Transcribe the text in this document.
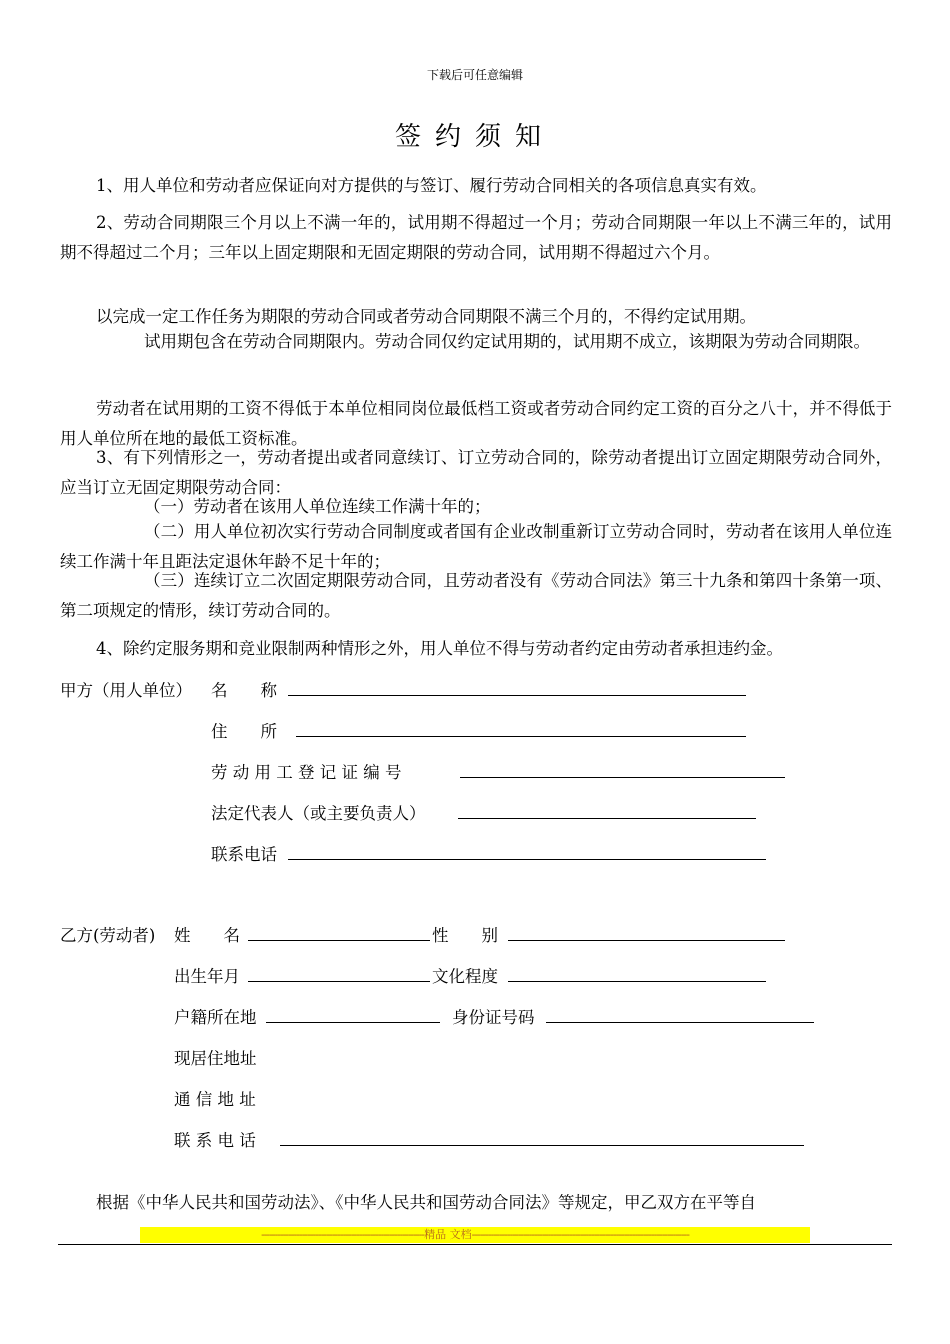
下载后可任意编辑
签约须知
1、用人单位和劳动者应保证向对方提供的与签订、履行劳动合同相关的各项信息真实有效。
2、劳动合同期限三个月以上不满一年的，试用期不得超过一个月；劳动合同期限一年以上不满三年的，试用期不得超过二个月；三年以上固定期限和无固定期限的劳动合同，试用期不得超过六个月。
以完成一定工作任务为期限的劳动合同或者劳动合同期限不满三个月的，不得约定试用期。
试用期包含在劳动合同期限内。劳动合同仅约定试用期的，试用期不成立，该期限为劳动合同期限。
劳动者在试用期的工资不得低于本单位相同岗位最低档工资或者劳动合同约定工资的百分之八十，并不得低于用人单位所在地的最低工资标准。
3、有下列情形之一，劳动者提出或者同意续订、订立劳动合同的，除劳动者提出订立固定期限劳动合同外，应当订立无固定期限劳动合同：
（一）劳动者在该用人单位连续工作满十年的；
（二）用人单位初次实行劳动合同制度或者国有企业改制重新订立劳动合同时，劳动者在该用人单位连续工作满十年且距法定退休年龄不足十年的；
（三）连续订立二次固定期限劳动合同，且劳动者没有《劳动合同法》第三十九条和第四十条第一项、第二项规定的情形，续订劳动合同的。
4、除约定服务期和竞业限制两种情形之外，用人单位不得与劳动者约定由劳动者承担违约金。
甲方（用人单位） 名　　称
住　　所
劳 动 用 工 登 记 证 编 号
法定代表人（或主要负责人）
联系电话
乙方(劳动者) 姓　　名	性　　别
出生年月	文化程度
户籍所在地	身份证号码
现居住地址
通 信 地 址
联 系 电 话
根据《中华人民共和国劳动法》、《中华人民共和国劳动合同法》等规定，甲乙双方在平等自
------------------------------------------------------------精品 文档--------------------------------------------------------------------------------
